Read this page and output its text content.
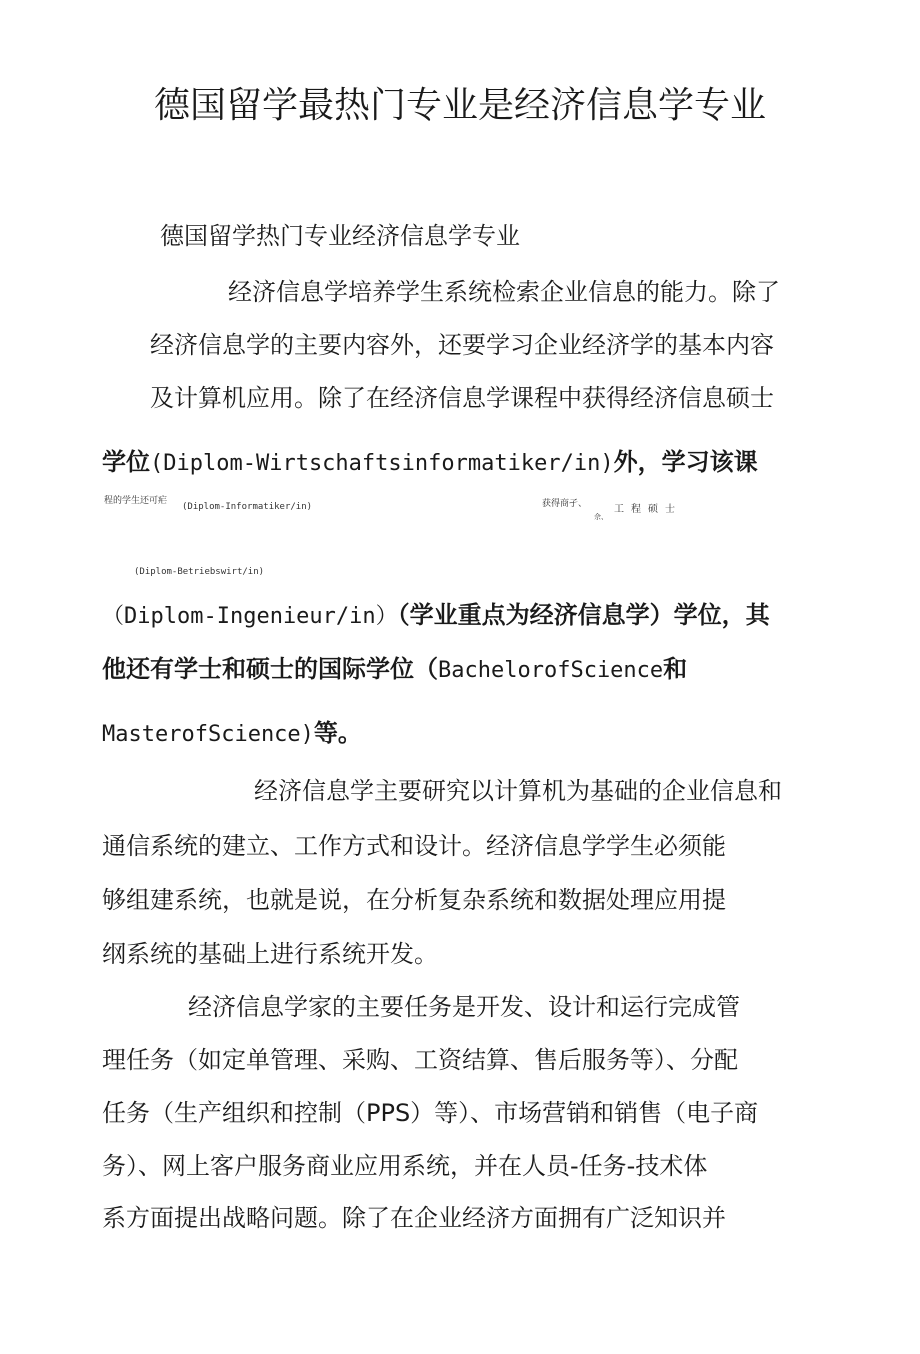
德国留学最热门专业是经济信息学专业
德国留学热门专业经济信息学专业
经济信息学培养学生系统检索企业信息的能力。除了
经济信息学的主要内容外，还要学习企业经济学的基本内容
及计算机应用。除了在经济信息学课程中获得经济信息硕士
学位(Diplom-Wirtschaftsinformatiker/in)外，学习该课
程的学生还可疟
(Diplom-Informatiker/in)	获得商孑、	工程硕士
佘、
(Diplom-Betriebswirt/in)
（Diplom-Ingenieur/in）（学业重点为经济信息学）学位，其
他还有学士和硕士的国际学位（BachelorofScience和
MasterofScience)等。
经济信息学主要研究以计算机为基础的企业信息和
通信系统的建立、工作方式和设计。经济信息学学生必须能
够组建系统，也就是说，在分析复杂系统和数据处理应用提
纲系统的基础上进行系统开发。
经济信息学家的主要任务是开发、设计和运行完成管
理任务（如定单管理、采购、工资结算、售后服务等）、分配
任务（生产组织和控制（PPS）等）、市场营销和销售（电子商
务）、网上客户服务商业应用系统，并在人员-任务-技术体
系方面提出战略问题。除了在企业经济方面拥有广泛知识并
